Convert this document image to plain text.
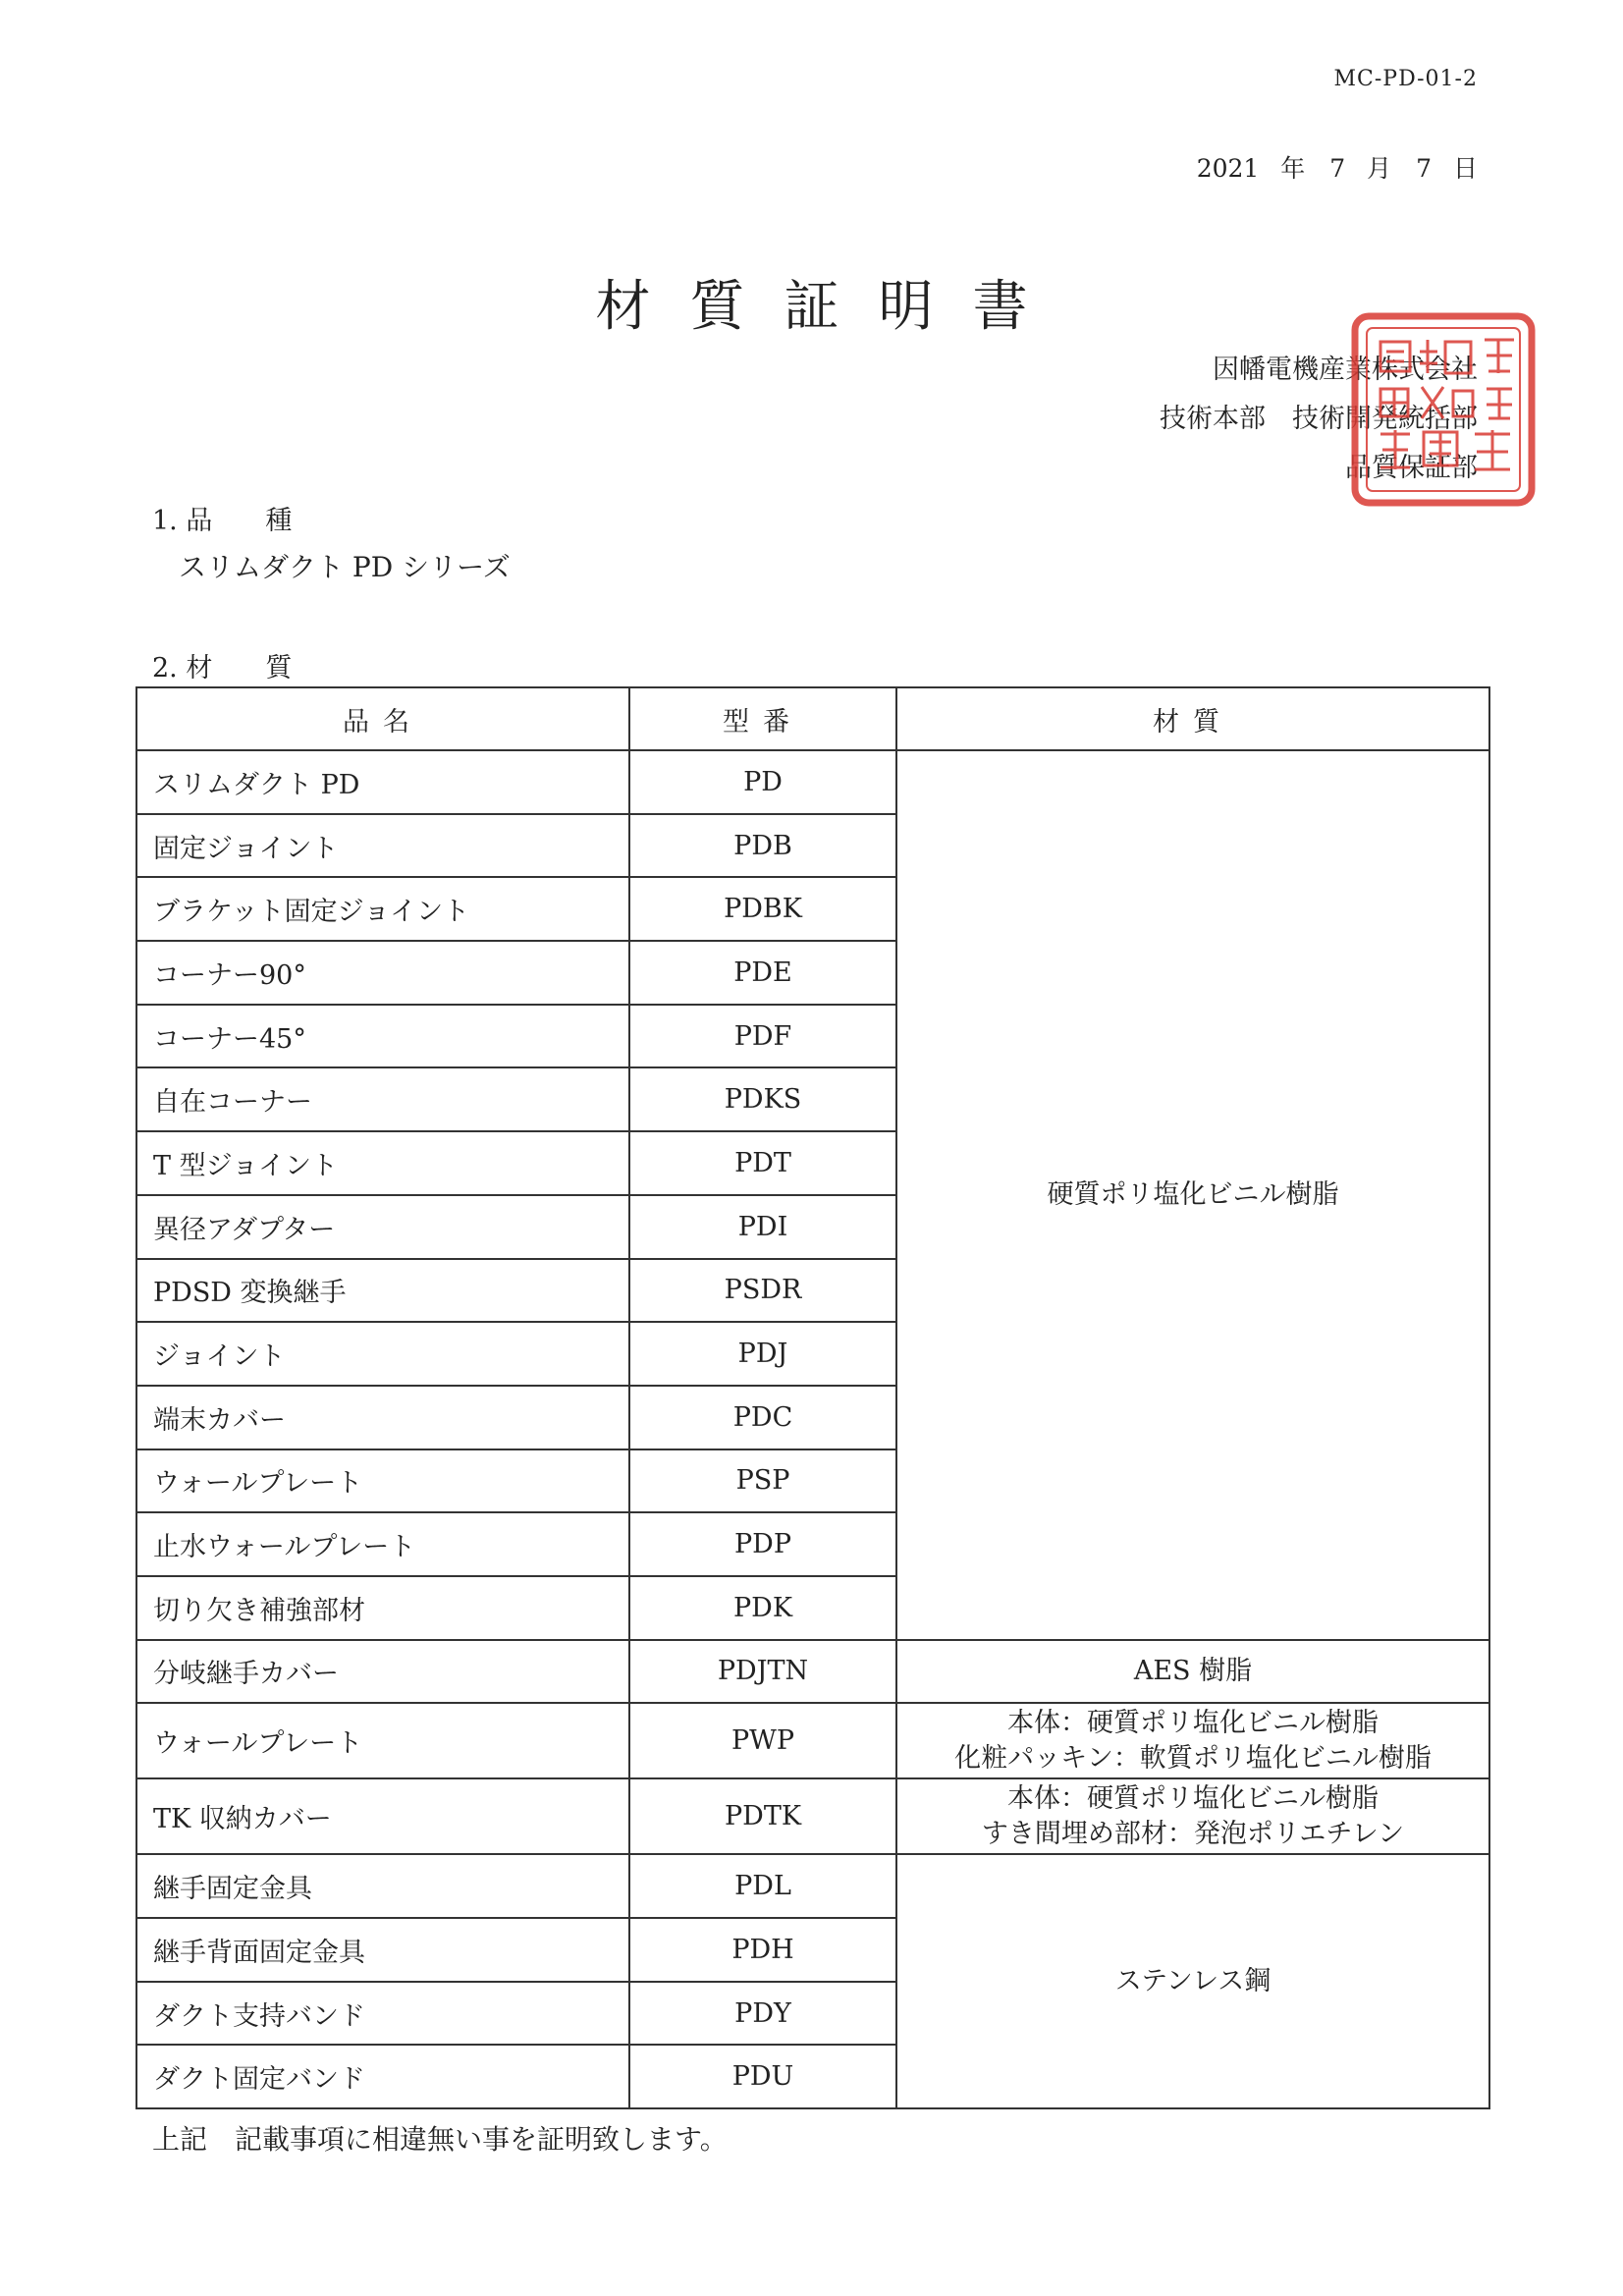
MC-PD-01-2
2021 年　7 月　7 日
材質証明書
因幡電機産業株式会社
技術本部　技術開発統括部
品質保証部
1. 品　　種
スリムダクト PD シリーズ
2. 材　　質
品名	型番	材質
スリムダクト PD	PD	硬質ポリ塩化ビニル樹脂

固定ジョイント	PDB	
ブラケット固定ジョイント	PDBK	
コーナー90°	PDE	
コーナー45°	PDF	
自在コーナー	PDKS	
T 型ジョイント	PDT	
異径アダプター	PDI	
PDSD 変換継手	PSDR	
ジョイント	PDJ	
端末カバー	PDC	
ウォールプレート	PSP	
止水ウォールプレート	PDP	
切り欠き補強部材	PDK	
分岐継手カバー	PDJTN	AES 樹脂

ウォールプレート	PWP	本体：硬質ポリ塩化ビニル樹脂
化粧パッキン：軟質ポリ塩化ビニル樹脂

TK 収納カバー	PDTK	本体：硬質ポリ塩化ビニル樹脂
すき間埋め部材：発泡ポリエチレン

継手固定金具	PDL	ステンレス鋼

継手背面固定金具	PDH	
ダクト支持バンド	PDY	
ダクト固定バンド	PDU	
上記　記載事項に相違無い事を証明致します。
